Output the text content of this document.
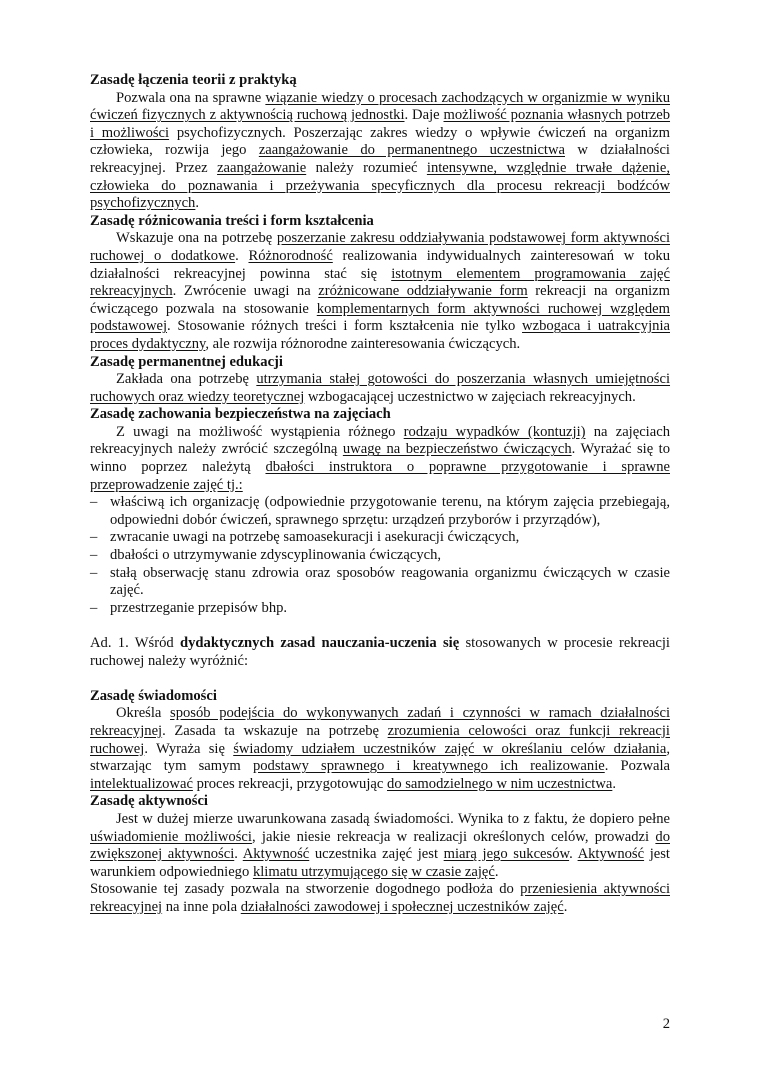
Zasadę łączenia teorii z praktyką

Pozwala ona na sprawne wiązanie wiedzy o procesach zachodzących w organizmie w wyniku ćwiczeń fizycznych z aktywnością ruchową jednostki. Daje możliwość poznania własnych potrzeb i możliwości psychofizycznych. Poszerzając zakres wiedzy o wpływie ćwiczeń na organizm człowieka, rozwija jego zaangażowanie do permanentnego uczestnictwa w działalności rekreacyjnej. Przez zaangażowanie należy rozumieć intensywne, względnie trwałe dążenie, człowieka do poznawania i przeżywania specyficznych dla procesu rekreacji bodźców psychofizycznych.

Zasadę różnicowania treści i form kształcenia

Wskazuje ona na potrzebę poszerzanie zakresu oddziaływania podstawowej form aktywności ruchowej o dodatkowe. Różnorodność realizowania indywidualnych zainteresowań w toku działalności rekreacyjnej powinna stać się istotnym elementem programowania zajęć rekreacyjnych. Zwrócenie uwagi na zróżnicowane oddziaływanie form rekreacji na organizm ćwiczącego pozwala na stosowanie komplementarnych form aktywności ruchowej względem podstawowej. Stosowanie różnych treści i form kształcenia nie tylko wzbogaca i uatrakcyjnia proces dydaktyczny, ale rozwija różnorodne zainteresowania ćwiczących.

Zasadę permanentnej edukacji

Zakłada ona potrzebę utrzymania stałej gotowości do poszerzania własnych umiejętności ruchowych oraz wiedzy teoretycznej wzbogacającej uczestnictwo w zajęciach rekreacyjnych.

Zasadę zachowania bezpieczeństwa na zajęciach

Z uwagi na możliwość wystąpienia różnego rodzaju wypadków (kontuzji) na zajęciach rekreacyjnych należy zwrócić szczególną uwagę na bezpieczeństwo ćwiczących. Wyrażać się to winno poprzez należytą dbałości instruktora o poprawne przygotowanie i sprawne przeprowadzenie zajęć tj.:

– właściwą ich organizację (odpowiednie przygotowanie terenu, na którym zajęcia przebiegają, odpowiedni dobór ćwiczeń, sprawnego sprzętu: urządzeń przyborów i przyrządów),
– zwracanie uwagi na potrzebę samoasekuracji i asekuracji ćwiczących,
– dbałości o utrzymywanie zdyscyplinowania ćwiczących,
– stałą obserwację stanu zdrowia oraz sposobów reagowania organizmu ćwiczących w czasie zajęć.
– przestrzeganie przepisów bhp.

Ad. 1. Wśród dydaktycznych zasad nauczania-uczenia się stosowanych w procesie rekreacji ruchowej należy wyróżnić:

Zasadę świadomości

Określa sposób podejścia do wykonywanych zadań i czynności w ramach działalności rekreacyjnej. Zasada ta wskazuje na potrzebę zrozumienia celowości oraz funkcji rekreacji ruchowej. Wyraża się świadomy udziałem uczestników zajęć w określaniu celów działania, stwarzając tym samym podstawy sprawnego i kreatywnego ich realizowanie. Pozwala intelektualizować proces rekreacji, przygotowując do samodzielnego w nim uczestnictwa.

Zasadę aktywności

Jest w dużej mierze uwarunkowana zasadą świadomości. Wynika to z faktu, że dopiero pełne uświadomienie możliwości, jakie niesie rekreacja w realizacji określonych celów, prowadzi do zwiększonej aktywności. Aktywność uczestnika zajęć jest miarą jego sukcesów. Aktywność jest warunkiem odpowiedniego klimatu utrzymującego się w czasie zajęć.

Stosowanie tej zasady pozwala na stworzenie dogodnego podłoża do przeniesienia aktywności rekreacyjnej na inne pola działalności zawodowej i społecznej uczestników zajęć.

2
